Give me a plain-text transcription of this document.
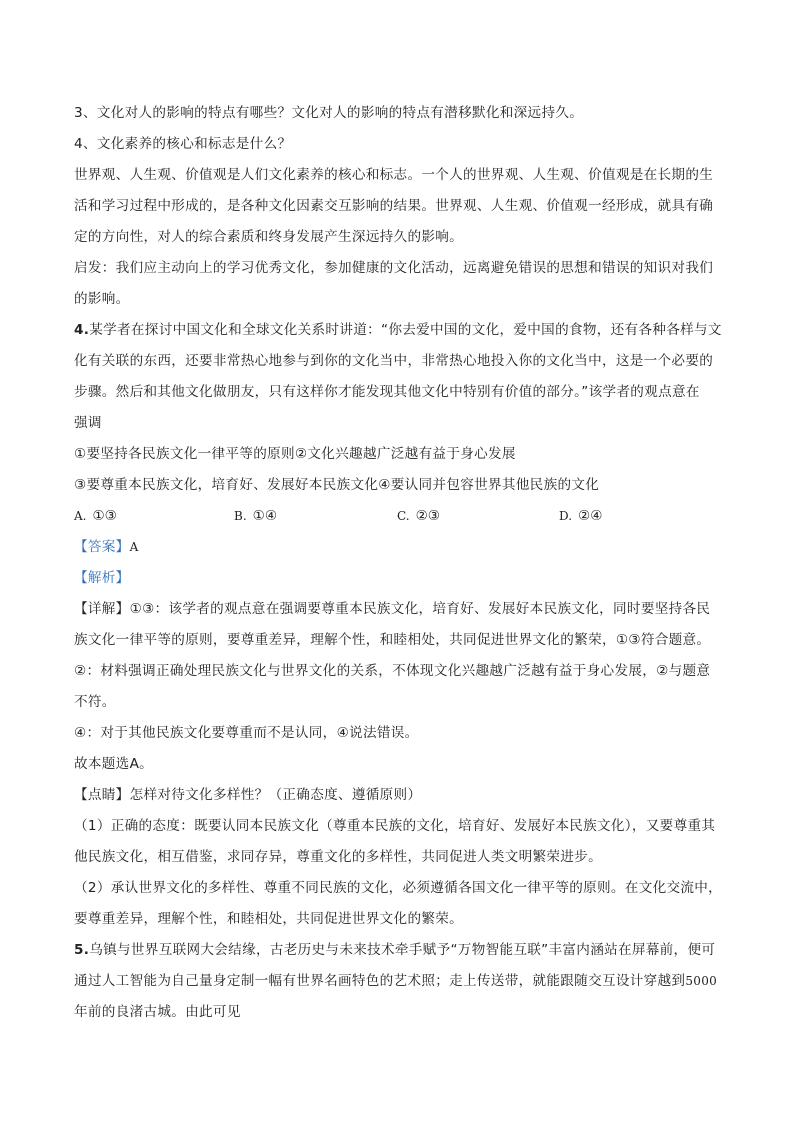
3、文化对人的影响的特点有哪些？文化对人的影响的特点有潜移默化和深远持久。
4、文化素养的核心和标志是什么？
世界观、人生观、价值观是人们文化素养的核心和标志。一个人的世界观、人生观、价值观是在长期的生
活和学习过程中形成的，是各种文化因素交互影响的结果。世界观、人生观、价值观一经形成，就具有确
定的方向性，对人的综合素质和终身发展产生深远持久的影响。
启发：我们应主动向上的学习优秀文化，参加健康的文化活动，远离避免错误的思想和错误的知识对我们
的影响。
4.某学者在探讨中国文化和全球文化关系时讲道：“你去爱中国的文化，爱中国的食物，还有各种各样与文
化有关联的东西，还要非常热心地参与到你的文化当中，非常热心地投入你的文化当中，这是一个必要的
步骤。然后和其他文化做朋友，只有这样你才能发现其他文化中特别有价值的部分。”该学者的观点意在
强调
①要坚持各民族文化一律平等的原则②文化兴趣越广泛越有益于身心发展
③要尊重本民族文化，培育好、发展好本民族文化④要认同并包容世界其他民族的文化
A. ①③	B. ①④	C. ②③	D. ②④
【答案】A
【解析】
【详解】①③：该学者的观点意在强调要尊重本民族文化，培育好、发展好本民族文化，同时要坚持各民
族文化一律平等的原则，要尊重差异，理解个性，和睦相处，共同促进世界文化的繁荣，①③符合题意。
②：材料强调正确处理民族文化与世界文化的关系，不体现文化兴趣越广泛越有益于身心发展，②与题意
不符。
④：对于其他民族文化要尊重而不是认同，④说法错误。
故本题选A。
【点睛】怎样对待文化多样性？（正确态度、遵循原则）
（1）正确的态度：既要认同本民族文化（尊重本民族的文化，培育好、发展好本民族文化），又要尊重其
他民族文化，相互借鉴，求同存异，尊重文化的多样性，共同促进人类文明繁荣进步。
（2）承认世界文化的多样性、尊重不同民族的文化，必须遵循各国文化一律平等的原则。在文化交流中，
要尊重差异，理解个性，和睦相处，共同促进世界文化的繁荣。
5.乌镇与世界互联网大会结缘，古老历史与未来技术牵手赋予“万物智能互联”丰富内涵站在屏幕前，便可
通过人工智能为自己量身定制一幅有世界名画特色的艺术照；走上传送带，就能跟随交互设计穿越到5000
年前的良渚古城。由此可见
